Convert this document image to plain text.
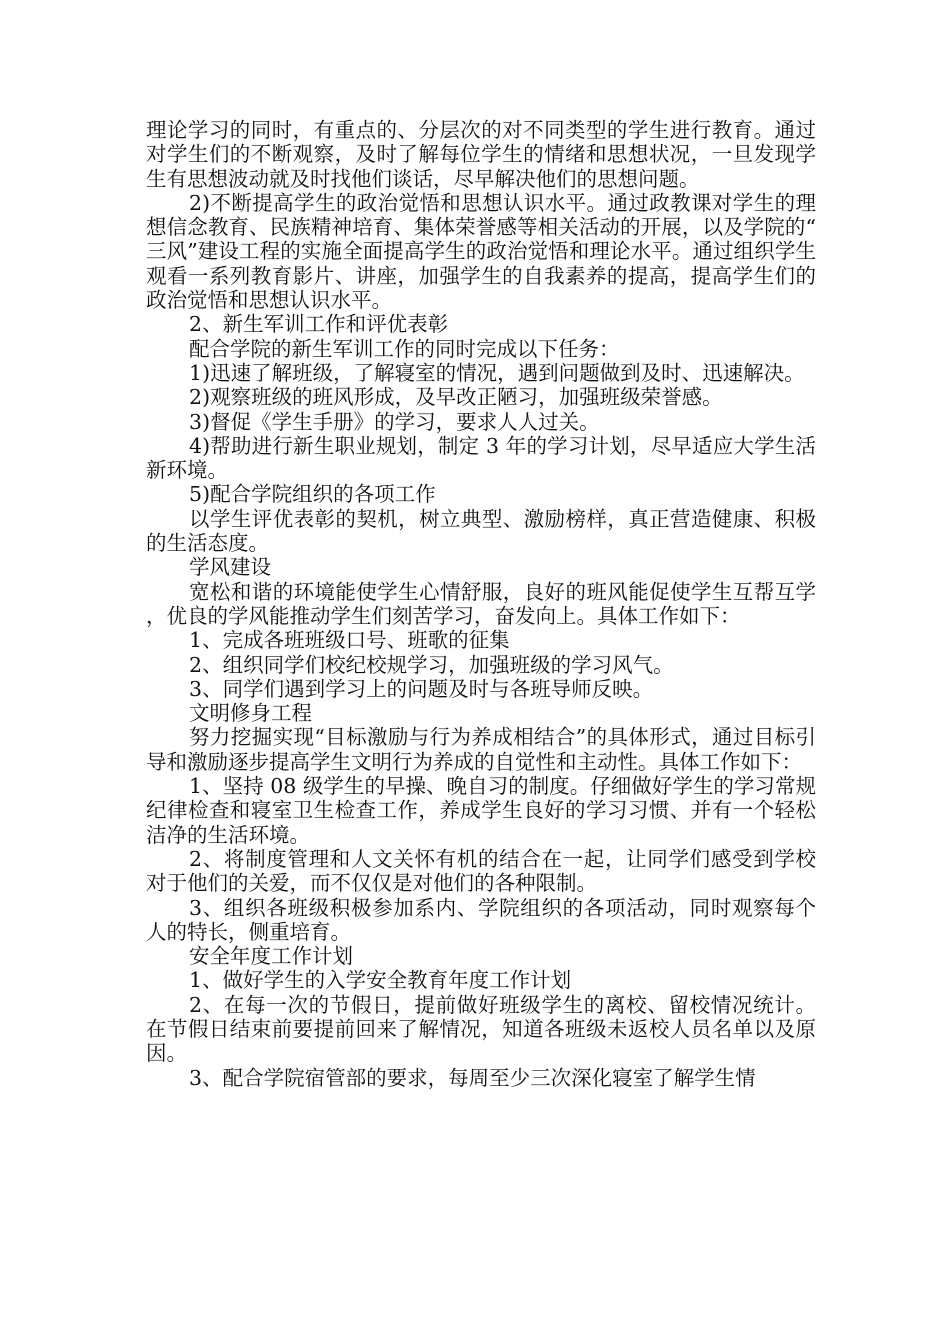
理论学习的同时，有重点的、分层次的对不同类型的学生进行教育。通过对学生们的不断观察，及时了解每位学生的情绪和思想状况，一旦发现学生有思想波动就及时找他们谈话，尽早解决他们的思想问题。

2)不断提高学生的政治觉悟和思想认识水平。通过政教课对学生的理想信念教育、民族精神培育、集体荣誉感等相关活动的开展，以及学院的“三风”建设工程的实施全面提高学生的政治觉悟和理论水平。通过组织学生观看一系列教育影片、讲座，加强学生的自我素养的提高，提高学生们的政治觉悟和思想认识水平。

2、新生军训工作和评优表彰

配合学院的新生军训工作的同时完成以下任务：

1)迅速了解班级，了解寝室的情况，遇到问题做到及时、迅速解决。

2)观察班级的班风形成，及早改正陋习，加强班级荣誉感。

3)督促《学生手册》的学习，要求人人过关。

4)帮助进行新生职业规划，制定 3 年的学习计划，尽早适应大学生活新环境。

5)配合学院组织的各项工作

以学生评优表彰的契机，树立典型、激励榜样，真正营造健康、积极的生活态度。

学风建设

宽松和谐的环境能使学生心情舒服，良好的班风能促使学生互帮互学，优良的学风能推动学生们刻苦学习，奋发向上。具体工作如下：

1、完成各班班级口号、班歌的征集

2、组织同学们校纪校规学习，加强班级的学习风气。

3、同学们遇到学习上的问题及时与各班导师反映。

文明修身工程

努力挖掘实现“目标激励与行为养成相结合”的具体形式，通过目标引导和激励逐步提高学生文明行为养成的自觉性和主动性。具体工作如下：

1、坚持 08 级学生的早操、晚自习的制度。仔细做好学生的学习常规纪律检查和寝室卫生检查工作，养成学生良好的学习习惯、并有一个轻松洁净的生活环境。

2、将制度管理和人文关怀有机的结合在一起，让同学们感受到学校对于他们的关爱，而不仅仅是对他们的各种限制。

3、组织各班级积极参加系内、学院组织的各项活动，同时观察每个人的特长，侧重培育。

安全年度工作计划

1、做好学生的入学安全教育年度工作计划

2、在每一次的节假日，提前做好班级学生的离校、留校情况统计。在节假日结束前要提前回来了解情况，知道各班级未返校人员名单以及原因。

3、配合学院宿管部的要求，每周至少三次深化寝室了解学生情
